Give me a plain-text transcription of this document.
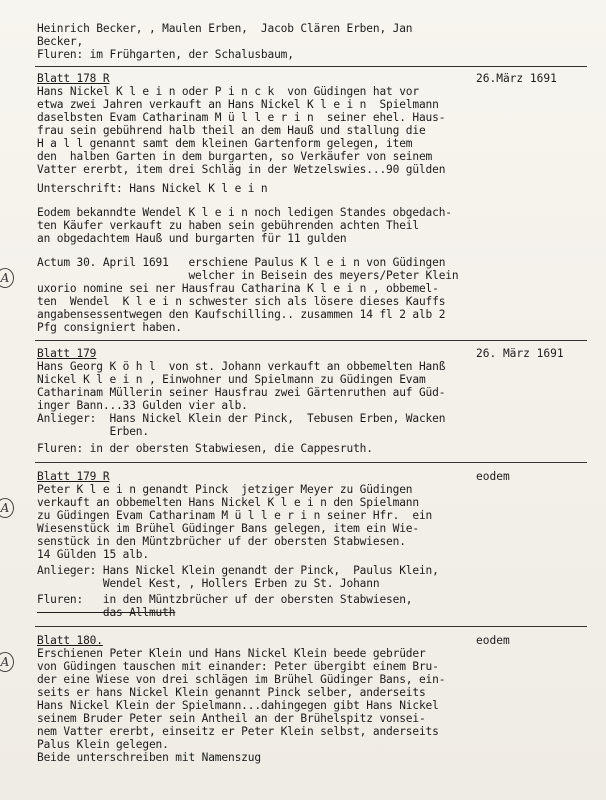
Heinrich Becker, , Maulen Erben,  Jacob Clären Erben, Jan
Becker,
Fluren: im Frühgarten, der Schalusbaum,
Blatt 178 R	26.März 1691
Hans Nickel K l e i n oder P i n c k  von Güdingen hat vor
etwa zwei Jahren verkauft an Hans Nickel K l e i n  Spielmann
daselbsten Evam Catharinam M ü l l e r i n  seiner ehel. Haus-
frau sein gebührend halb theil an dem Hauß und stallung die
H a l l genannt samt dem kleinen Gartenform gelegen, item
den  halben Garten in dem burgarten, so Verkäufer von seinem
Vatter ererbt, item drei Schläg in der Wetzelswies...90 gülden
Unterschrift: Hans Nickel K l e i n
Eodem bekanndte Wendel K l e i n noch ledigen Standes obgedach-
ten Käufer verkauft zu haben sein gebührenden achten Theil
an obgedachtem Hauß und burgarten für 11 gulden
A
Actum 30. April 1691   erschiene Paulus K l e i n von Güdingen
welcher in Beisein des meyers/Peter Klein
uxorio nomine sei ner Hausfrau Catharina K l e i n , obbemel-
ten  Wendel  K l e i n schwester sich als lösere dieses Kauffs
angabensessentwegen den Kaufschilling.. zusammen 14 fl 2 alb 2
Pfg consigniert haben.
Blatt 179	26. März 1691
Hans Georg K ö h l  von st. Johann verkauft an obbemelten Hanß
Nickel K l e i n , Einwohner und Spielmann zu Güdingen Evam
Catharinam Müllerin seiner Hausfrau zwei Gärtenruthen auf Güd-
inger Bann...33 Gulden vier alb.
Anlieger:  Hans Nickel Klein der Pinck,  Tebusen Erben, Wacken
Erben.
Fluren: in der obersten Stabwiesen, die Cappesruth.
A
Blatt 179 R	eodem
Peter K l e i n genandt Pinck  jetziger Meyer zu Güdingen
verkauft an obbemelten Hans Nickel K l e i n den Spielmann
zu Güdingen Evam Catharinam M ü l l e r i n seiner Hfr.  ein
Wiesenstück im Brühel Güdinger Bans gelegen, item ein Wie-
senstück in den Müntzbrücher uf der obersten Stabwiesen.
14 Gülden 15 alb.
Anlieger: Hans Nickel Klein genandt der Pinck,  Paulus Klein,
Wendel Kest, , Hollers Erben zu St. Johann
Fluren:   in den Müntzbrücher uf der obersten Stabwiesen,
das Allmuth
A
Blatt 180.	eodem
Erschienen Peter Klein und Hans Nickel Klein beede gebrüder
von Güdingen tauschen mit einander: Peter übergibt einem Bru-
der eine Wiese von drei schlägen im Brühel Güdinger Bans, ein-
seits er hans Nickel Klein genannt Pinck selber, anderseits
Hans Nickel Klein der Spielmann...dahingegen gibt Hans Nickel
seinem Bruder Peter sein Antheil an der Brühelspitz vonsei-
nem Vatter ererbt, einseitz er Peter Klein selbst, anderseits
Palus Klein gelegen.
Beide unterschreiben mit Namenszug
